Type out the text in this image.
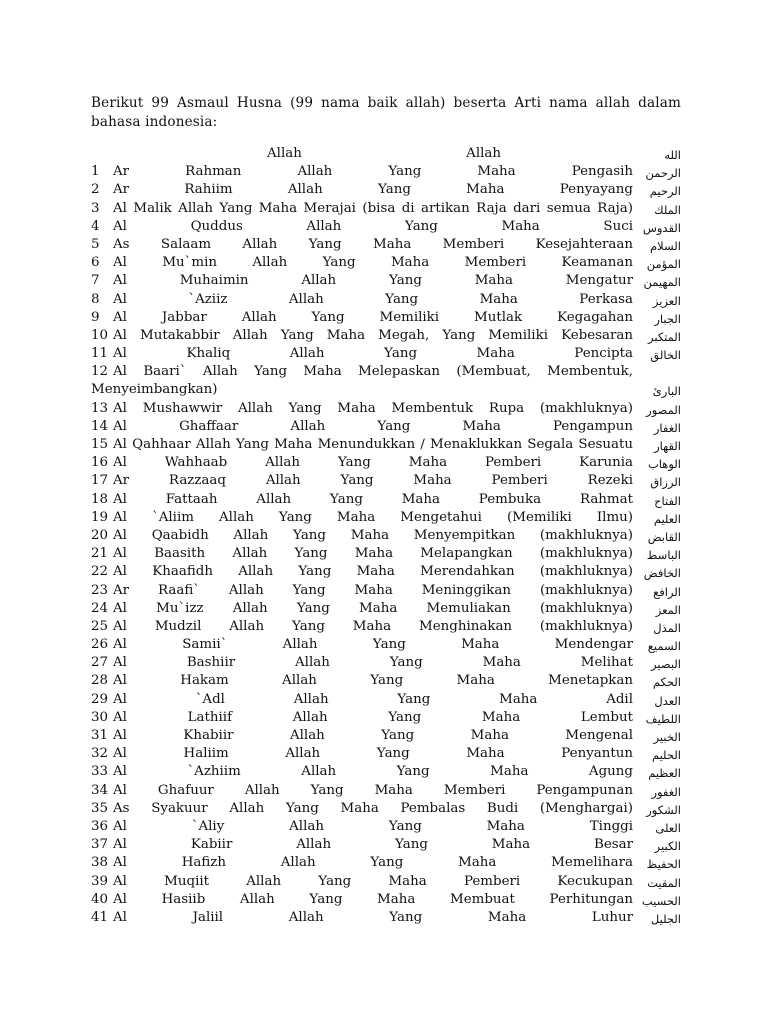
Berikut 99 Asmaul Husna (99 nama baik allah) beserta Arti nama allah dalam bahasa indonesia:
Allah	Allah	الله
1 Ar Rahman Allah Yang Maha Pengasih الرحمن
2 Ar Rahiim Allah Yang Maha Penyayang الرحيم
3 Al Malik Allah Yang Maha Merajai (bisa di artikan Raja dari semua Raja) الملك
4 Al Quddus Allah Yang Maha Suci القدوس
5 As Salaam Allah Yang Maha Memberi Kesejahteraan السلام
6 Al Mu`min Allah Yang Maha Memberi Keamanan المؤمن
7 Al Muhaimin Allah Yang Maha Mengatur المهيمن
8 Al `Aziiz Allah Yang Maha Perkasa العزيز
9 Al Jabbar Allah Yang Memiliki Mutlak Kegagahan الجبار
10 Al Mutakabbir Allah Yang Maha Megah, Yang Memiliki Kebesaran المتكبر
11 Al Khaliq Allah Yang Maha Pencipta الخالق
12 Al Baari` Allah Yang Maha Melepaskan (Membuat, Membentuk,
Menyeimbangkan)	البارئ
13 Al Mushawwir Allah Yang Maha Membentuk Rupa (makhluknya) المصور
14 Al Ghaffaar Allah Yang Maha Pengampun الغفار
15 Al Qahhaar Allah Yang Maha Menundukkan / Menaklukkan Segala Sesuatu القهار
16 Al Wahhaab Allah Yang Maha Pemberi Karunia الوهاب
17 Ar Razzaaq Allah Yang Maha Pemberi Rezeki الرزاق
18 Al Fattaah Allah Yang Maha Pembuka Rahmat الفتاح
19 Al `Aliim Allah Yang Maha Mengetahui (Memiliki Ilmu) العليم
20 Al Qaabidh Allah Yang Maha Menyempitkan (makhluknya) القابض
21 Al Baasith Allah Yang Maha Melapangkan (makhluknya) الباسط
22 Al Khaafidh Allah Yang Maha Merendahkan (makhluknya) الخافض
23 Ar Raafi` Allah Yang Maha Meninggikan (makhluknya) الرافع
24 Al Mu`izz Allah Yang Maha Memuliakan (makhluknya) المعز
25 Al Mudzil Allah Yang Maha Menghinakan (makhluknya) المذل
26 Al Samii` Allah Yang Maha Mendengar السميع
27 Al Bashiir Allah Yang Maha Melihat البصير
28 Al Hakam Allah Yang Maha Menetapkan الحكم
29 Al `Adl Allah Yang Maha Adil العدل
30 Al Lathiif Allah Yang Maha Lembut اللطيف
31 Al Khabiir Allah Yang Maha Mengenal الخبير
32 Al Haliim Allah Yang Maha Penyantun الحليم
33 Al `Azhiim Allah Yang Maha Agung العظيم
34 Al Ghafuur Allah Yang Maha Memberi Pengampunan الغفور
35 As Syakuur Allah Yang Maha Pembalas Budi (Menghargai) الشكور
36 Al `Aliy Allah Yang Maha Tinggi العلى
37 Al Kabiir Allah Yang Maha Besar الكبير
38 Al Hafizh Allah Yang Maha Memelihara الحفيظ
39 Al Muqiit Allah Yang Maha Pemberi Kecukupan المقيت
40 Al Hasiib Allah Yang Maha Membuat Perhitungan الحسيب
41 Al Jaliil Allah Yang Maha Luhur الجليل
